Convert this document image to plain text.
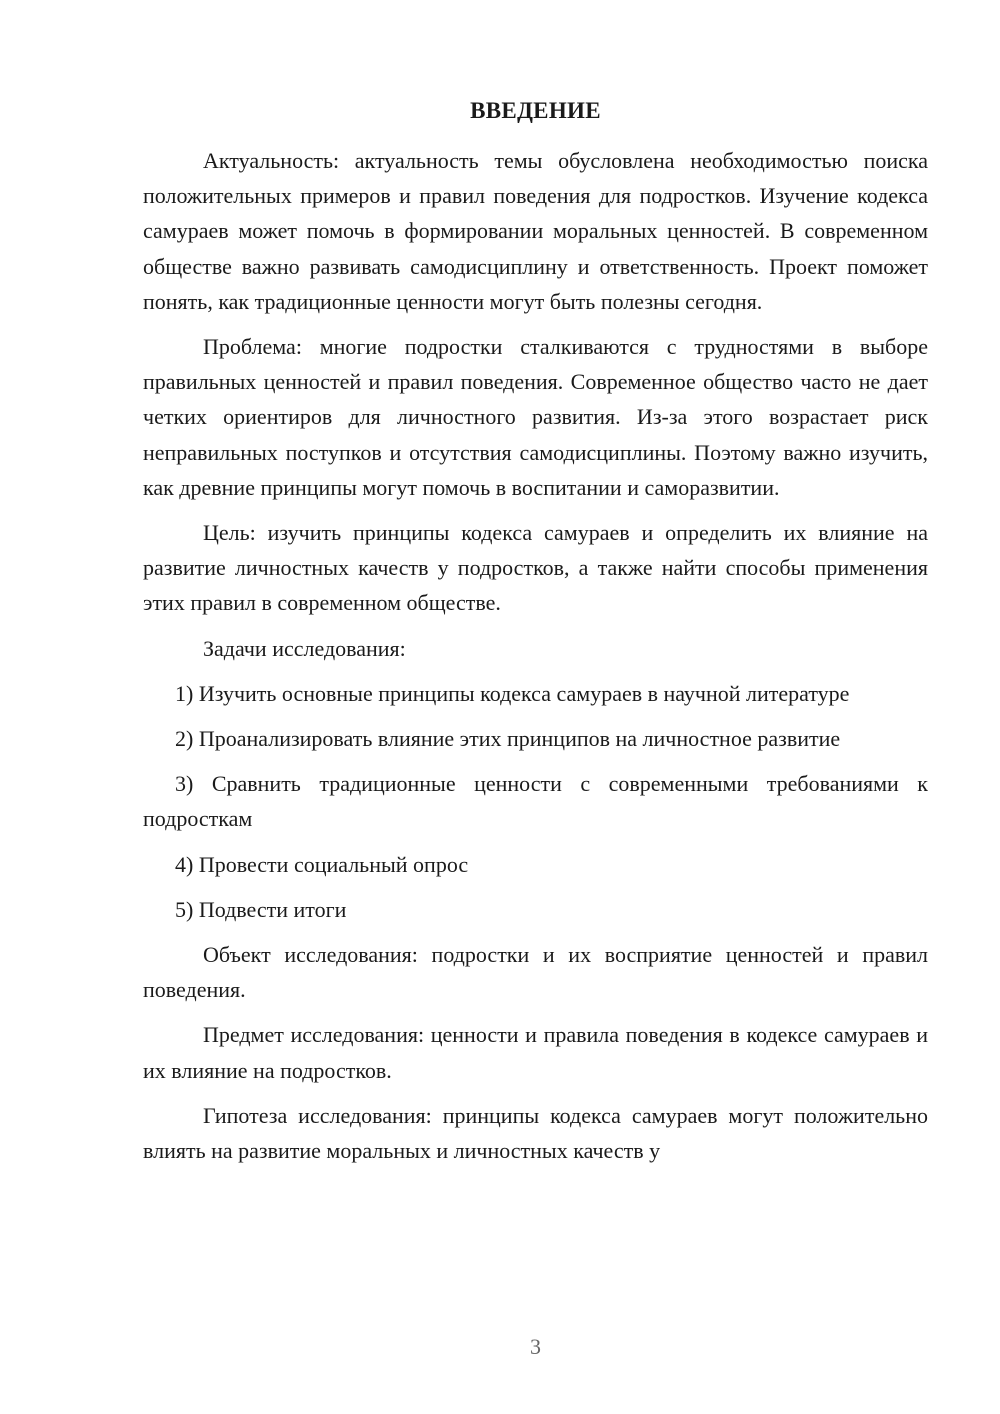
ВВЕДЕНИЕ

Актуальность: актуальность темы обусловлена необходимостью поиска положительных примеров и правил поведения для подростков. Изучение кодекса самураев может помочь в формировании моральных ценностей. В современном обществе важно развивать самодисциплину и ответственность. Проект поможет понять, как традиционные ценности могут быть полезны сегодня.

Проблема: многие подростки сталкиваются с трудностями в выборе правильных ценностей и правил поведения. Современное общество часто не дает четких ориентиров для личностного развития. Из-за этого возрастает риск неправильных поступков и отсутствия самодисциплины. Поэтому важно изучить, как древние принципы могут помочь в воспитании и саморазвитии.

Цель: изучить принципы кодекса самураев и определить их влияние на развитие личностных качеств у подростков, а также найти способы применения этих правил в современном обществе.

Задачи исследования:

1) Изучить основные принципы кодекса самураев в научной литературе

2) Проанализировать влияние этих принципов на личностное развитие

3) Сравнить традиционные ценности с современными требованиями к подросткам

4) Провести социальный опрос

5) Подвести итоги

Объект исследования: подростки и их восприятие ценностей и правил поведения.

Предмет исследования: ценности и правила поведения в кодексе самураев и их влияние на подростков.

Гипотеза исследования: принципы кодекса самураев могут положительно влиять на развитие моральных и личностных качеств у

3
